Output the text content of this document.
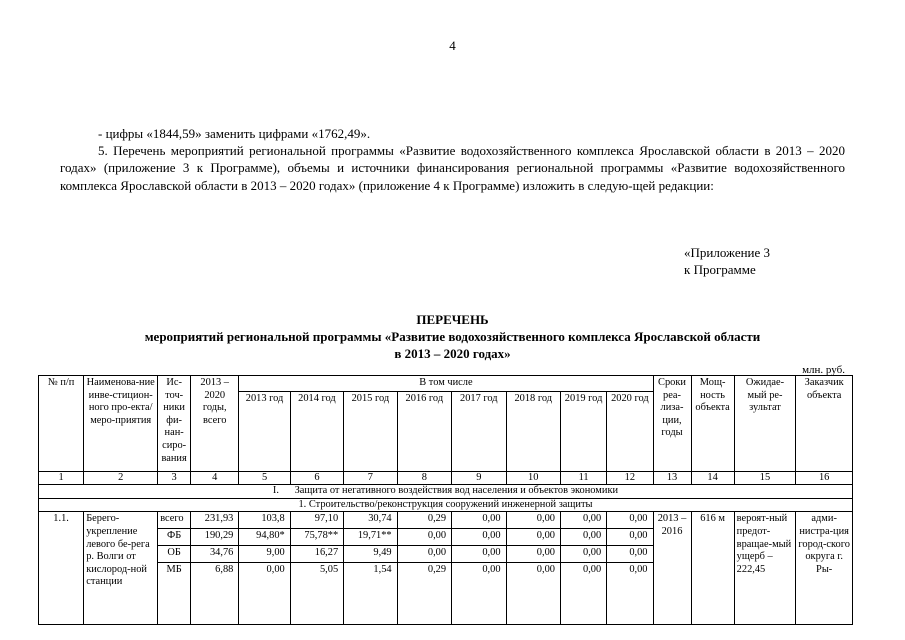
4

- цифры «1844,59» заменить цифрами «1762,49».

5. Перечень мероприятий региональной программы «Развитие водохозяйственного комплекса Ярославской области в 2013 – 2020 годах» (приложение 3 к Программе), объемы и источники финансирования региональной программы «Развитие водохозяйственного комплекса Ярославской области в 2013 – 2020 годах» (приложение 4 к Программе) изложить в следую-щей редакции:

«Приложение 3
к Программе
ПЕРЕЧЕНЬ
мероприятий региональной программы «Развитие водохозяйственного комплекса Ярославской области
в 2013 – 2020 годах»
млн. руб.
№ п/п	Наименова-ние инве-стицион-ного про-екта/меро-приятия	Ис-точ-ники фи-нан-сиро-вания	2013 – 2020 годы, всего	В том числе								Сроки реа-лиза-ции, годы	Мощ-ность объекта	Ожидае-мый ре-зультат	Заказчик объекта
				2013 год	2014 год	2015 год	2016 год	2017 год	2018 год	2019 год	2020 год				
1	2	3	4	5	6	7	8	9	10	11	12	13	14	15	16
I.      Защита от негативного воздействия вод населения и объектов экономики															
1. Строительство/реконструкция сооружений инженерной защиты															
1.1.	Берего-укрепление левого бе-рега р. Волги от кислород-ной станции	всего	231,93	103,8	97,10	30,74	0,29	0,00	0,00	0,00	0,00	2013 – 2016	616 м	вероят-ный предот-вращае-мый ущерб – 222,45	адми-нистра-ция город-ского округа г. Ры-
		ФБ	190,29	94,80*	75,78**	19,71**	0,00	0,00	0,00	0,00	0,00				
		ОБ	34,76	9,00	16,27	9,49	0,00	0,00	0,00	0,00	0,00				
		МБ	6,88	0,00	5,05	1,54	0,29	0,00	0,00	0,00	0,00				
